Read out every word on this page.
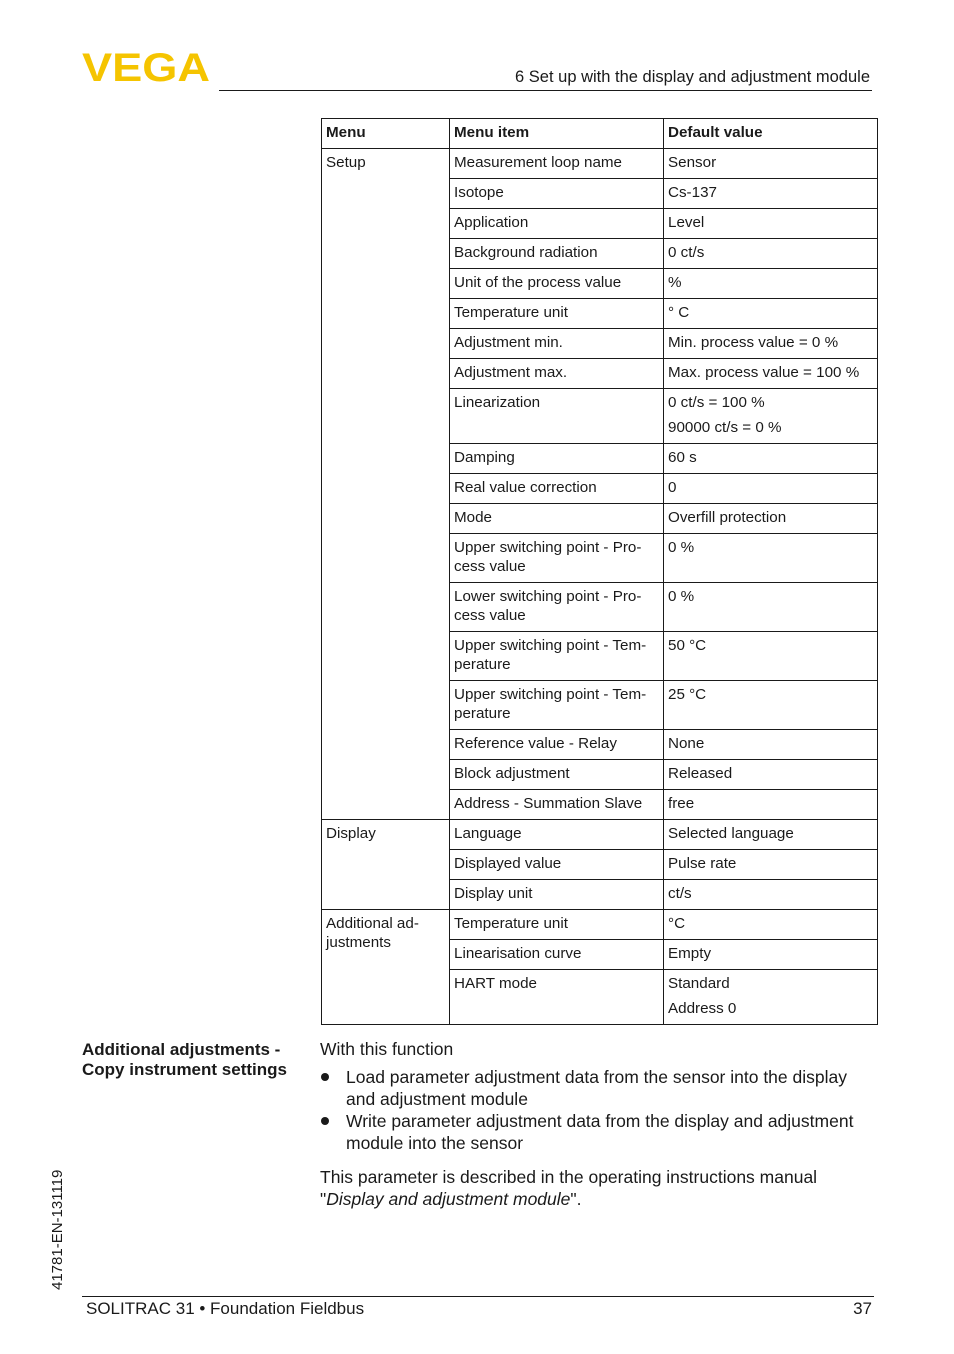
VEGA	6 Set up with the display and adjustment module
Menu	Menu item	Default value
Setup	Measurement loop name	Sensor
	Isotope	Cs-137
	Application	Level
	Background radiation	0 ct/s
	Unit of the process value	%
	Temperature unit	° C
	Adjustment min.	Min. process value = 0 %
	Adjustment max.	Max. process value = 100 %
	Linearization	0 ct/s = 100 %
90000 ct/s = 0 %

	Damping	60 s
	Real value correction	0
	Mode	Overfill protection
	Upper switching point - Pro-cess value	0 %
	Lower switching point - Pro-cess value	0 %
	Upper switching point - Tem-perature	50 °C
	Upper switching point - Tem-perature	25 °C
	Reference value - Relay	None
	Block adjustment	Released
	Address - Summation Slave	free
Display	Language	Selected language
	Displayed value	Pulse rate
	Display unit	ct/s
Additional ad-justments	Temperature unit	°C
	Linearisation curve	Empty
	HART mode	Standard
Address 0
Additional adjustments - Copy instrument settings

With this function

Load parameter adjustment data from the sensor into the display and adjustment module
Write parameter adjustment data from the display and adjustment module into the sensor

This parameter is described in the operating instructions manual "Display and adjustment module".

41781-EN-131119
SOLITRAC 31 • Foundation Fieldbus	37
